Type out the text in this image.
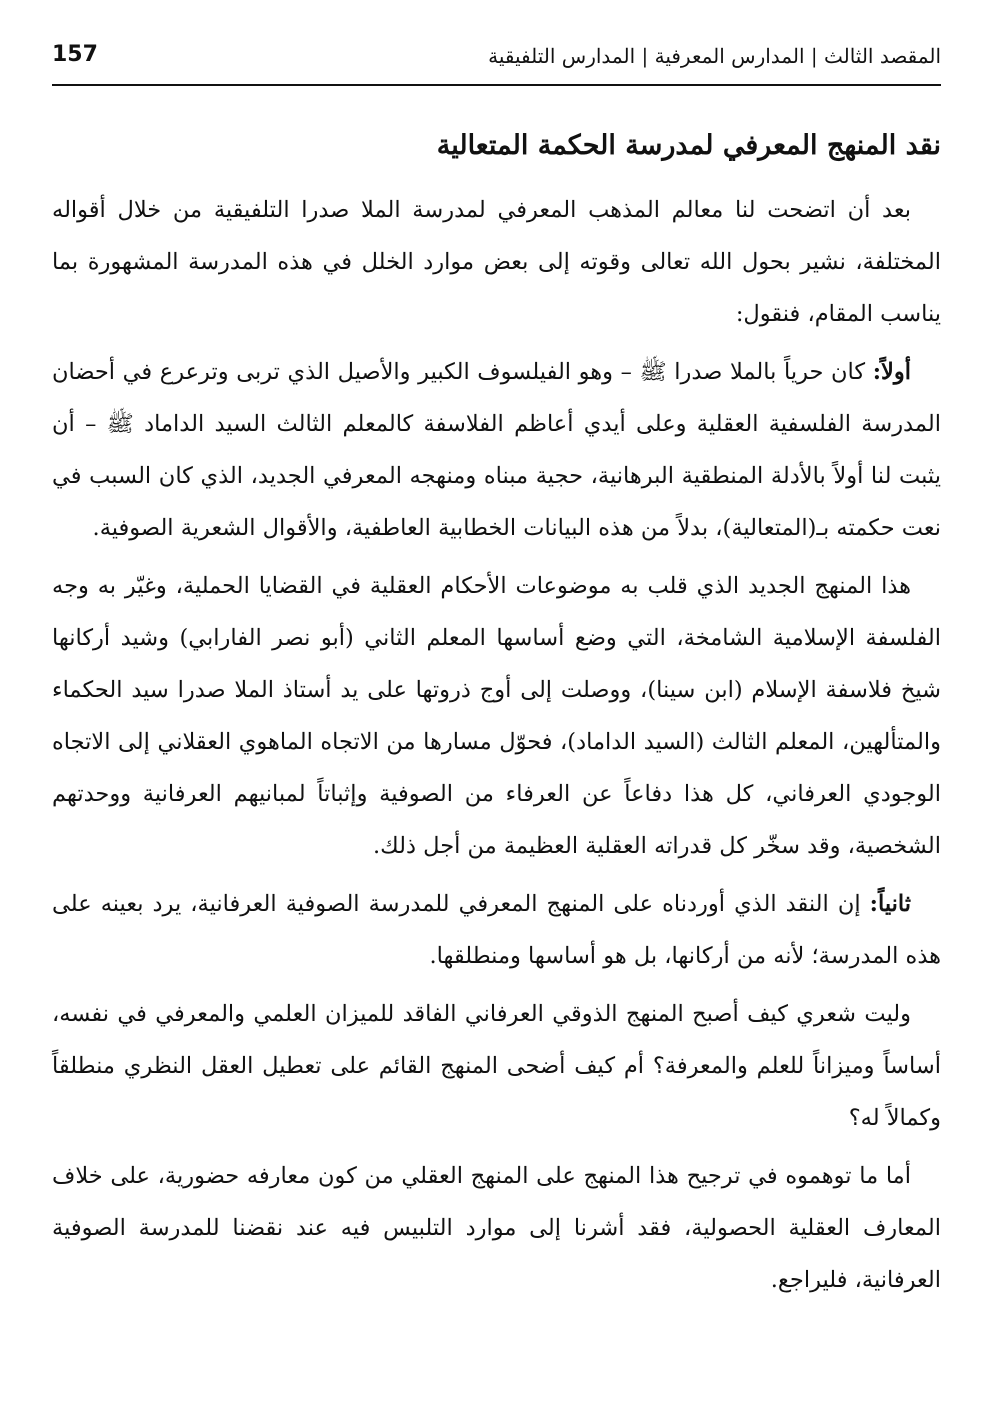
157	المقصد الثالث | المدارس المعرفية | المدارس التلفيقية
نقد المنهج المعرفي لمدرسة الحكمة المتعالية

بعد أن اتضحت لنا معالم المذهب المعرفي لمدرسة الملا صدرا التلفيقية من خلال أقواله المختلفة، نشير بحول الله تعالى وقوته إلى بعض موارد الخلل في هذه المدرسة المشهورة بما يناسب المقام، فنقول:

أولاً: كان حرياً بالملا صدرا ﷺ – وهو الفيلسوف الكبير والأصيل الذي تربى وترعرع في أحضان المدرسة الفلسفية العقلية وعلى أيدي أعاظم الفلاسفة كالمعلم الثالث السيد الداماد ﷺ – أن يثبت لنا أولاً بالأدلة المنطقية البرهانية، حجية مبناه ومنهجه المعرفي الجديد، الذي كان السبب في نعت حكمته بـ(المتعالية)، بدلاً من هذه البيانات الخطابية العاطفية، والأقوال الشعرية الصوفية.

هذا المنهج الجديد الذي قلب به موضوعات الأحكام العقلية في القضايا الحملية، وغيّر به وجه الفلسفة الإسلامية الشامخة، التي وضع أساسها المعلم الثاني (أبو نصر الفارابي) وشيد أركانها شيخ فلاسفة الإسلام (ابن سينا)، ووصلت إلى أوج ذروتها على يد أستاذ الملا صدرا سيد الحكماء والمتألهين، المعلم الثالث (السيد الداماد)، فحوّل مسارها من الاتجاه الماهوي العقلاني إلى الاتجاه الوجودي العرفاني، كل هذا دفاعاً عن العرفاء من الصوفية وإثباتاً لمبانيهم العرفانية ووحدتهم الشخصية، وقد سخّر كل قدراته العقلية العظيمة من أجل ذلك.

ثانياً: إن النقد الذي أوردناه على المنهج المعرفي للمدرسة الصوفية العرفانية، يرد بعينه على هذه المدرسة؛ لأنه من أركانها، بل هو أساسها ومنطلقها.

وليت شعري كيف أصبح المنهج الذوقي العرفاني الفاقد للميزان العلمي والمعرفي في نفسه، أساساً وميزاناً للعلم والمعرفة؟ أم كيف أضحى المنهج القائم على تعطيل العقل النظري منطلقاً وكمالاً له؟

أما ما توهموه في ترجيح هذا المنهج على المنهج العقلي من كون معارفه حضورية، على خلاف المعارف العقلية الحصولية، فقد أشرنا إلى موارد التلبيس فيه عند نقضنا للمدرسة الصوفية العرفانية، فليراجع.
